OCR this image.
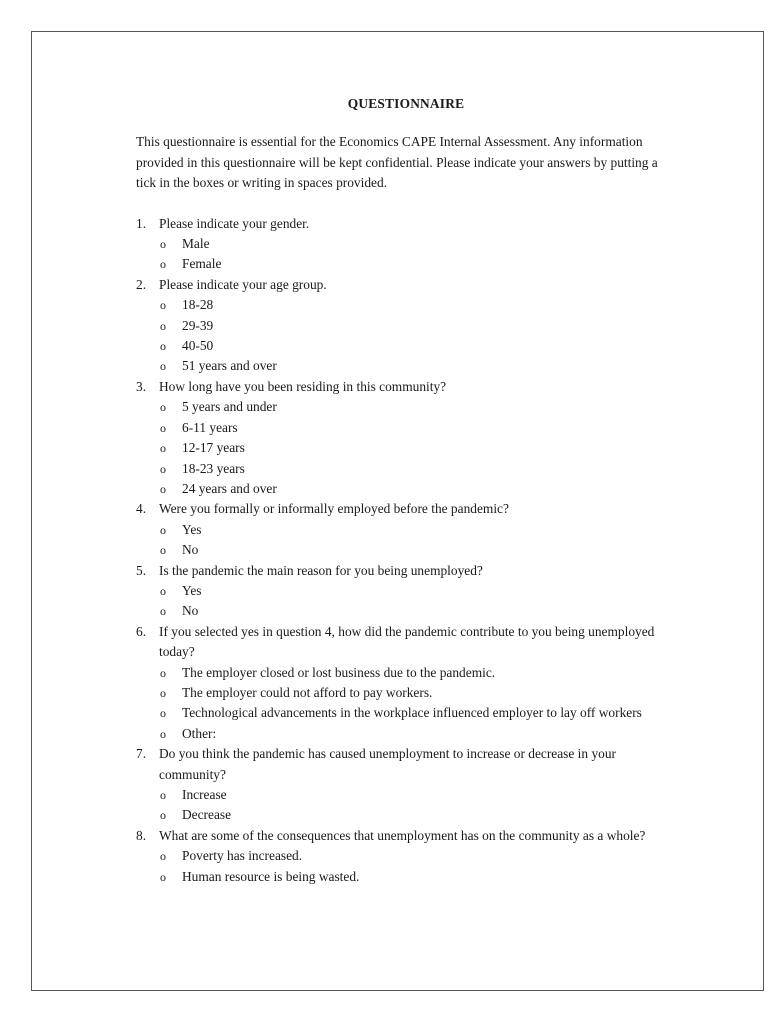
QUESTIONNAIRE
This questionnaire is essential for the Economics CAPE Internal Assessment. Any information provided in this questionnaire will be kept confidential. Please indicate your answers by putting a tick in the boxes or writing in spaces provided.
1. Please indicate your gender.
o Male
o Female
2. Please indicate your age group.
o 18-28
o 29-39
o 40-50
o 51 years and over
3. How long have you been residing in this community?
o 5 years and under
o 6-11 years
o 12-17 years
o 18-23 years
o 24 years and over
4. Were you formally or informally employed before the pandemic?
o Yes
o No
5. Is the pandemic the main reason for you being unemployed?
o Yes
o No
6. If you selected yes in question 4, how did the pandemic contribute to you being unemployed today?
o The employer closed or lost business due to the pandemic.
o The employer could not afford to pay workers.
o Technological advancements in the workplace influenced employer to lay off workers
o Other:
7. Do you think the pandemic has caused unemployment to increase or decrease in your community?
o Increase
o Decrease
8. What are some of the consequences that unemployment has on the community as a whole?
o Poverty has increased.
o Human resource is being wasted.
